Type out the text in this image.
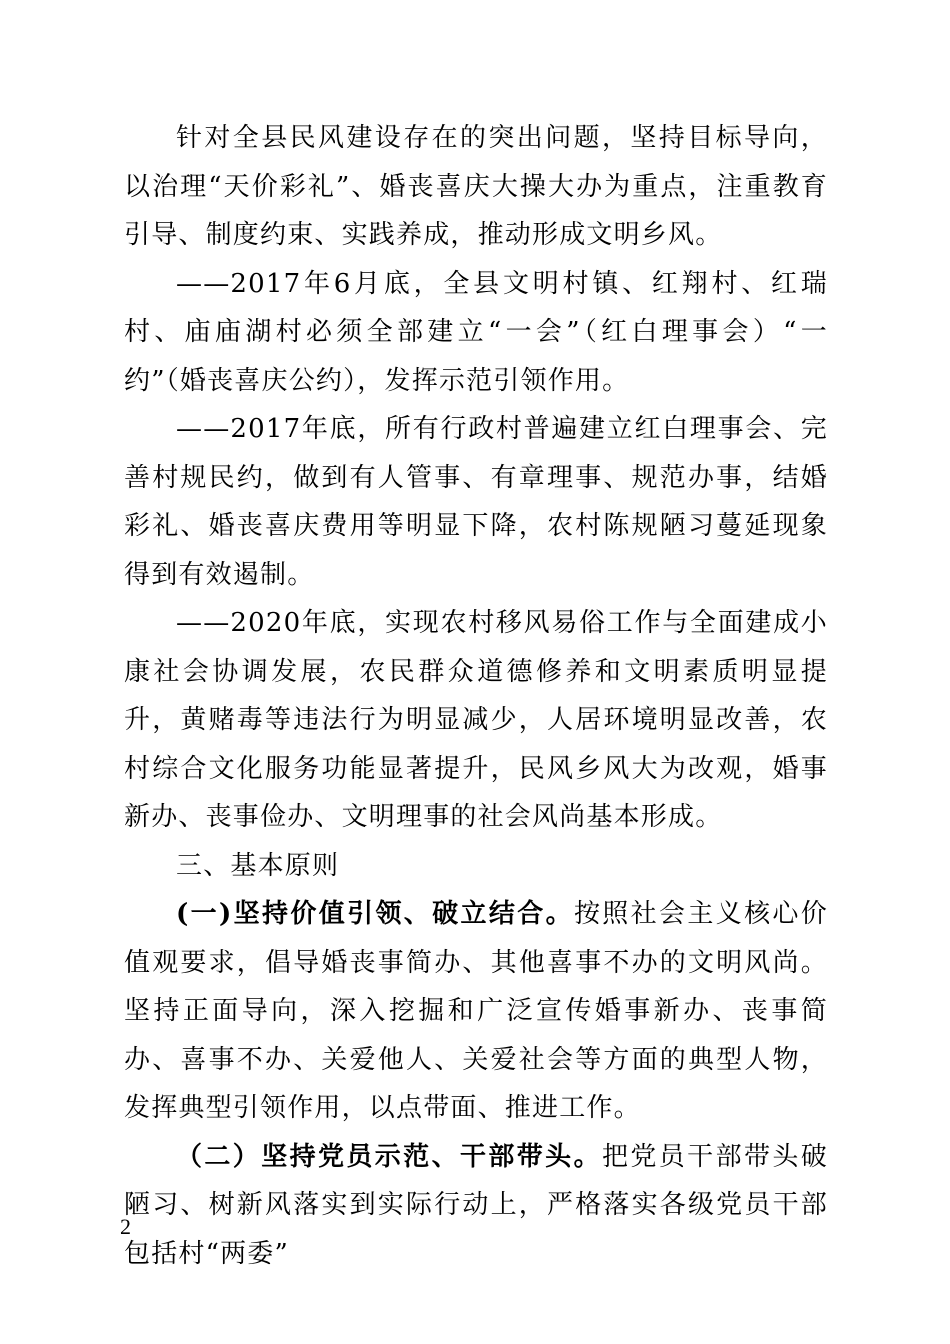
针对全县民风建设存在的突出问题，坚持目标导向，以治理“天价彩礼”、婚丧喜庆大操大办为重点，注重教育引导、制度约束、实践养成，推动形成文明乡风。

——2017年6月底，全县文明村镇、红翔村、红瑞村、庙庙湖村必须全部建立“一会”（红白理事会）“一约”（婚丧喜庆公约），发挥示范引领作用。

——2017年底，所有行政村普遍建立红白理事会、完善村规民约，做到有人管事、有章理事、规范办事，结婚彩礼、婚丧喜庆费用等明显下降，农村陈规陋习蔓延现象得到有效遏制。

——2020年底，实现农村移风易俗工作与全面建成小康社会协调发展，农民群众道德修养和文明素质明显提升，黄赌毒等违法行为明显减少，人居环境明显改善，农村综合文化服务功能显著提升，民风乡风大为改观，婚事新办、丧事俭办、文明理事的社会风尚基本形成。

三、基本原则

(一)坚持价值引领、破立结合。按照社会主义核心价值观要求，倡导婚丧事简办、其他喜事不办的文明风尚。坚持正面导向，深入挖掘和广泛宣传婚事新办、丧事简办、喜事不办、关爱他人、关爱社会等方面的典型人物，发挥典型引领作用，以点带面、推进工作。

（二）坚持党员示范、干部带头。把党员干部带头破陋习、树新风落实到实际行动上，严格落实各级党员干部包括村“两委”

2
